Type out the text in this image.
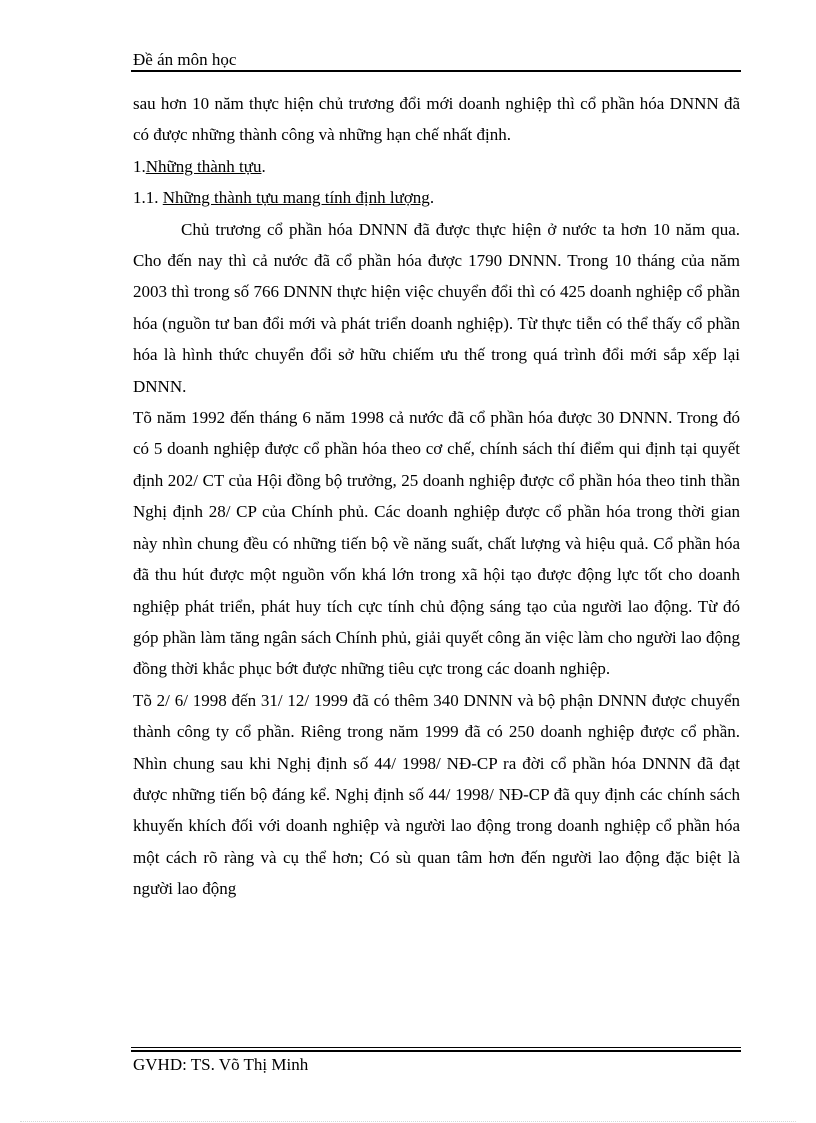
Đề án môn học

sau hơn 10 năm thực hiện chủ trương đổi mới doanh nghiệp thì cổ phần hóa DNNN đã có được những thành công và những hạn chế nhất định.

1.Những thành tựu.

1.1. Những thành tựu mang tính định lượng.

Chủ trương cổ phần hóa DNNN đã được thực hiện ở nước ta hơn 10 năm qua. Cho đến nay thì cả nước đã cổ phần hóa được 1790 DNNN. Trong 10 tháng của năm 2003 thì trong số 766 DNNN thực hiện việc chuyển đổi thì có 425 doanh nghiệp cổ phần hóa (nguồn tư ban đổi mới và phát triển doanh nghiệp). Từ thực tiễn có thể thấy cổ phần hóa là hình thức chuyển đổi sở hữu chiếm ưu thế trong quá trình đổi mới sắp xếp lại DNNN.

Tõ năm 1992 đến tháng 6 năm 1998 cả nước đã cổ phần hóa được 30 DNNN. Trong đó có 5 doanh nghiệp được cổ phần hóa theo cơ chế, chính sách thí điểm qui định tại quyết định 202/ CT của Hội đồng bộ trưởng, 25 doanh nghiệp được cổ phần hóa theo tinh thần Nghị định 28/ CP của Chính phủ. Các doanh nghiệp được cổ phần hóa trong thời gian này nhìn chung đều có những tiến bộ về năng suất, chất lượng và hiệu quả. Cổ phần hóa đã thu hút được một nguồn vốn khá lớn trong xã hội tạo được động lực tốt cho doanh nghiệp phát triển, phát huy tích cực tính chủ động sáng tạo của người lao động. Từ đó góp phần làm tăng ngân sách Chính phủ, giải quyết công ăn việc làm cho người lao động đồng thời khắc phục bớt được những tiêu cực trong các doanh nghiệp.

Tõ 2/ 6/ 1998 đến 31/ 12/ 1999 đã có thêm 340 DNNN và bộ phận DNNN được chuyển thành công ty cổ phần. Riêng trong năm 1999 đã có 250 doanh nghiệp được cổ phần. Nhìn chung sau khi Nghị định số 44/ 1998/ NĐ-CP ra đời cổ phần hóa DNNN đã đạt được những tiến bộ đáng kể. Nghị định số 44/ 1998/ NĐ-CP đã quy định các chính sách khuyến khích đối với doanh nghiệp và người lao động trong doanh nghiệp cổ phần hóa một cách rõ ràng và cụ thể hơn; Có sù quan tâm hơn đến người lao động đặc biệt là người lao động

GVHD: TS. Võ Thị Minh
